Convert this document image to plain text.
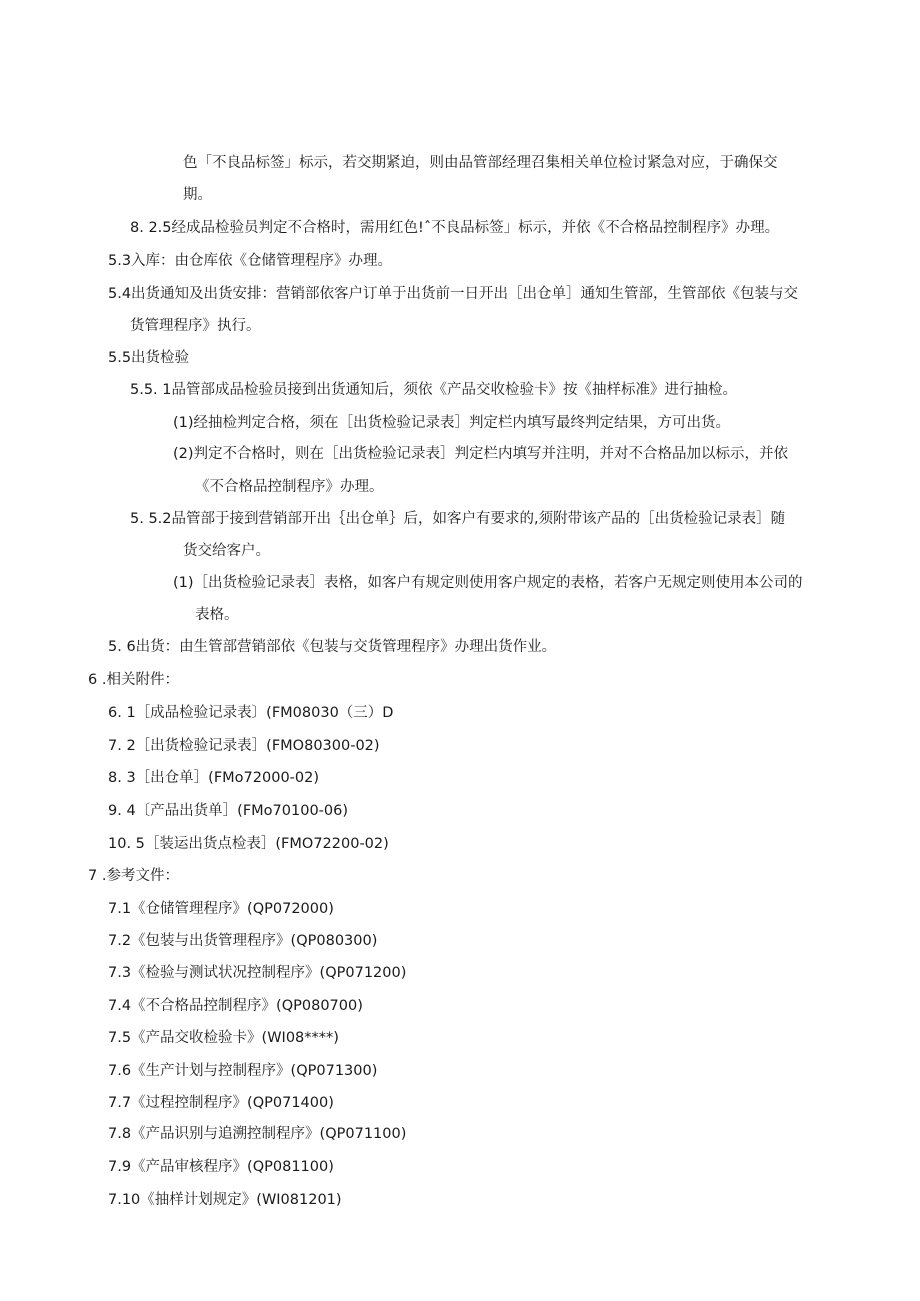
色「不良品标签」标示，若交期紧迫，则由品管部经理召集相关单位检讨紧急对应，于确保交
期。
8. 2.5经成品检验员判定不合格时，需用红色!ˆ不良品标签」标示，并依《不合格品控制程序》办理。
5.3入库：由仓库依《仓储管理程序》办理。
5.4出货通知及出货安排：营销部依客户订单于出货前一日开出［出仓单］通知生管部，生管部依《包装与交
货管理程序》执行。
5.5出货检验
5.5. 1品管部成品检验员接到出货通知后，须依《产品交收检验卡》按《抽样标准》进行抽检。
(1)经抽检判定合格，须在［出货检验记录表］判定栏内填写最终判定结果，方可出货。
(2)判定不合格时，则在［出货检验记录表］判定栏内填写并注明，并对不合格品加以标示，并依
《不合格品控制程序》办理。
5. 5.2品管部于接到营销部开出｛出仓单｝后，如客户有要求的,须附带该产品的［出货检验记录表］随
货交给客户。
(1)［出货检验记录表］表格，如客户有规定则使用客户规定的表格，若客户无规定则使用本公司的
表格。
5. 6出货：由生管部营销部依《包装与交货管理程序》办理出货作业。
6 .相关附件：
6. 1［成品检验记录表〕(FM08030（三）D
7. 2［出货检验记录表］(FMO80300-02)
8. 3［出仓单］(FMo72000-02)
9. 4〔产品出货单］(FMo70100-06)
10. 5［装运出货点检表］(FMO72200-02)
7 .参考文件：
7.1《仓储管理程序》(QP072000)
7.2《包装与出货管理程序》(QP080300)
7.3《检验与测试状况控制程序》(QP071200)
7.4《不合格品控制程序》(QP080700)
7.5《产品交收检验卡》(WI08****)
7.6《生产计划与控制程序》(QP071300)
7.7《过程控制程序》(QP071400)
7.8《产品识别与追溯控制程序》(QP071100)
7.9《产品审核程序》(QP081100)
7.10《抽样计划规定》(WI081201)
